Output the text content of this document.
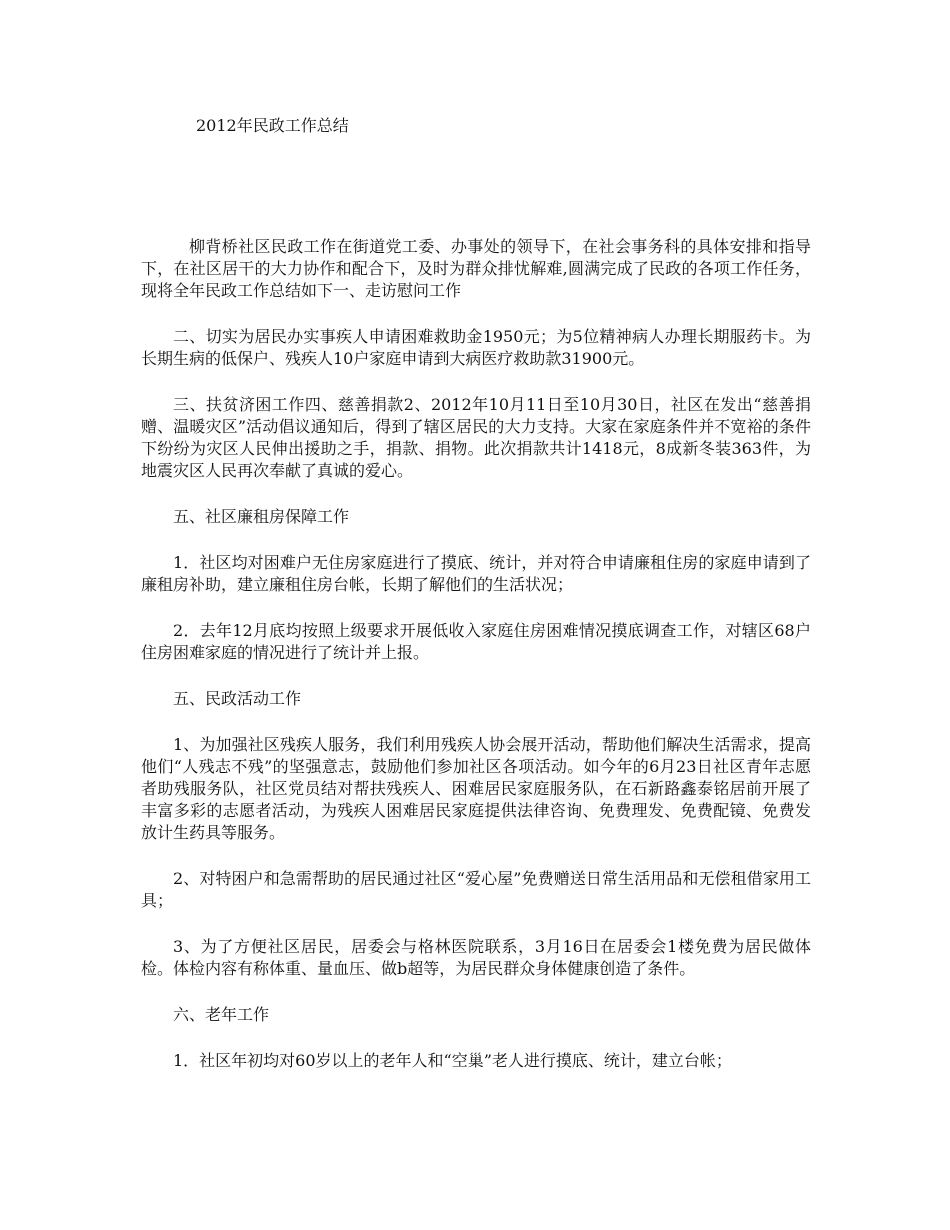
2012年民政工作总结

柳背桥社区民政工作在街道党工委、办事处的领导下，在社会事务科的具体安排和指导下，在社区居干的大力协作和配合下，及时为群众排忧解难,圆满完成了民政的各项工作任务，现将全年民政工作总结如下一、走访慰问工作

二、切实为居民办实事疾人申请困难救助金1950元；为5位精神病人办理长期服药卡。为长期生病的低保户、残疾人10户家庭申请到大病医疗救助款31900元。

三、扶贫济困工作四、慈善捐款2、2012年10月11日至10月30日，社区在发出“慈善捐赠、温暖灾区”活动倡议通知后，得到了辖区居民的大力支持。大家在家庭条件并不宽裕的条件下纷纷为灾区人民伸出援助之手，捐款、捐物。此次捐款共计1418元，8成新冬装363件，为地震灾区人民再次奉献了真诚的爱心。

五、社区廉租房保障工作

1．社区均对困难户无住房家庭进行了摸底、统计，并对符合申请廉租住房的家庭申请到了廉租房补助，建立廉租住房台帐，长期了解他们的生活状况；

2．去年12月底均按照上级要求开展低收入家庭住房困难情况摸底调查工作，对辖区68户住房困难家庭的情况进行了统计并上报。

五、民政活动工作

1、为加强社区残疾人服务，我们利用残疾人协会展开活动，帮助他们解决生活需求，提高他们“人残志不残”的坚强意志，鼓励他们参加社区各项活动。如今年的6月23日社区青年志愿者助残服务队，社区党员结对帮扶残疾人、困难居民家庭服务队，在石新路鑫泰铭居前开展了丰富多彩的志愿者活动，为残疾人困难居民家庭提供法律咨询、免费理发、免费配镜、免费发放计生药具等服务。

2、对特困户和急需帮助的居民通过社区“爱心屋”免费赠送日常生活用品和无偿租借家用工具；

3、为了方便社区居民，居委会与格林医院联系，3月16日在居委会1楼免费为居民做体检。体检内容有称体重、量血压、做b超等，为居民群众身体健康创造了条件。

六、老年工作

1．社区年初均对60岁以上的老年人和“空巢”老人进行摸底、统计，建立台帐；
